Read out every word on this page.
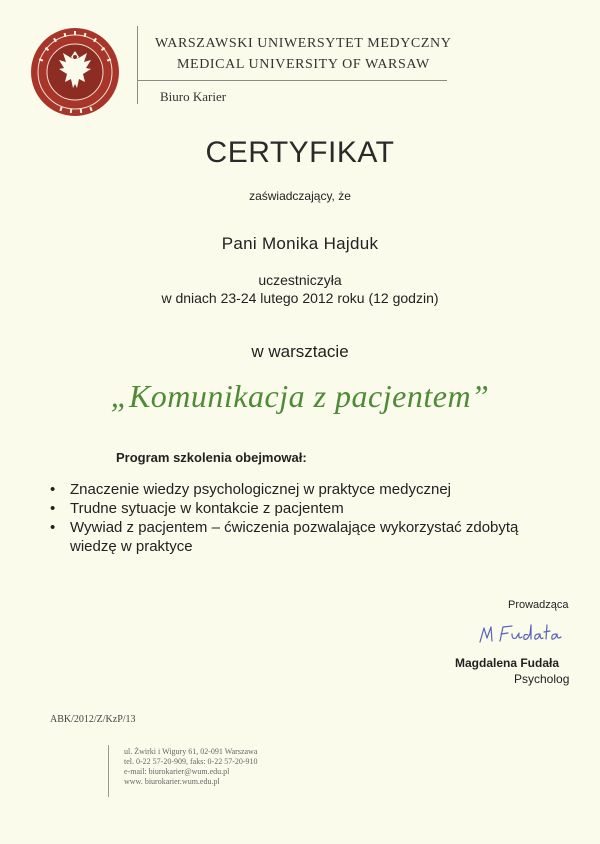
WARSZAWSKI UNIWERSYTET MEDYCZNY
MEDICAL UNIVERSITY OF WARSAW
Biuro Karier
CERTYFIKAT
zaświadczający, że
Pani Monika Hajduk
uczestniczyła
w dniach 23-24 lutego 2012 roku (12 godzin)
w warsztacie
„Komunikacja z pacjentem”
Program szkolenia obejmował:
• Znaczenie wiedzy psychologicznej w praktyce medycznej
• Trudne sytuacje w kontakcie z pacjentem
• Wywiad z pacjentem – ćwiczenia pozwalające wykorzystać zdobytą wiedzę w praktyce
Prowadząca
Magdalena Fudała
Psycholog
ABK/2012/Z/KzP/13
ul. Żwirki i Wigury 61, 02-091 Warszawa
tel. 0-22 57-20-909, faks: 0-22 57-20-910
e-mail: biurokarier@wum.edu.pl
www. biurokarier.wum.edu.pl
